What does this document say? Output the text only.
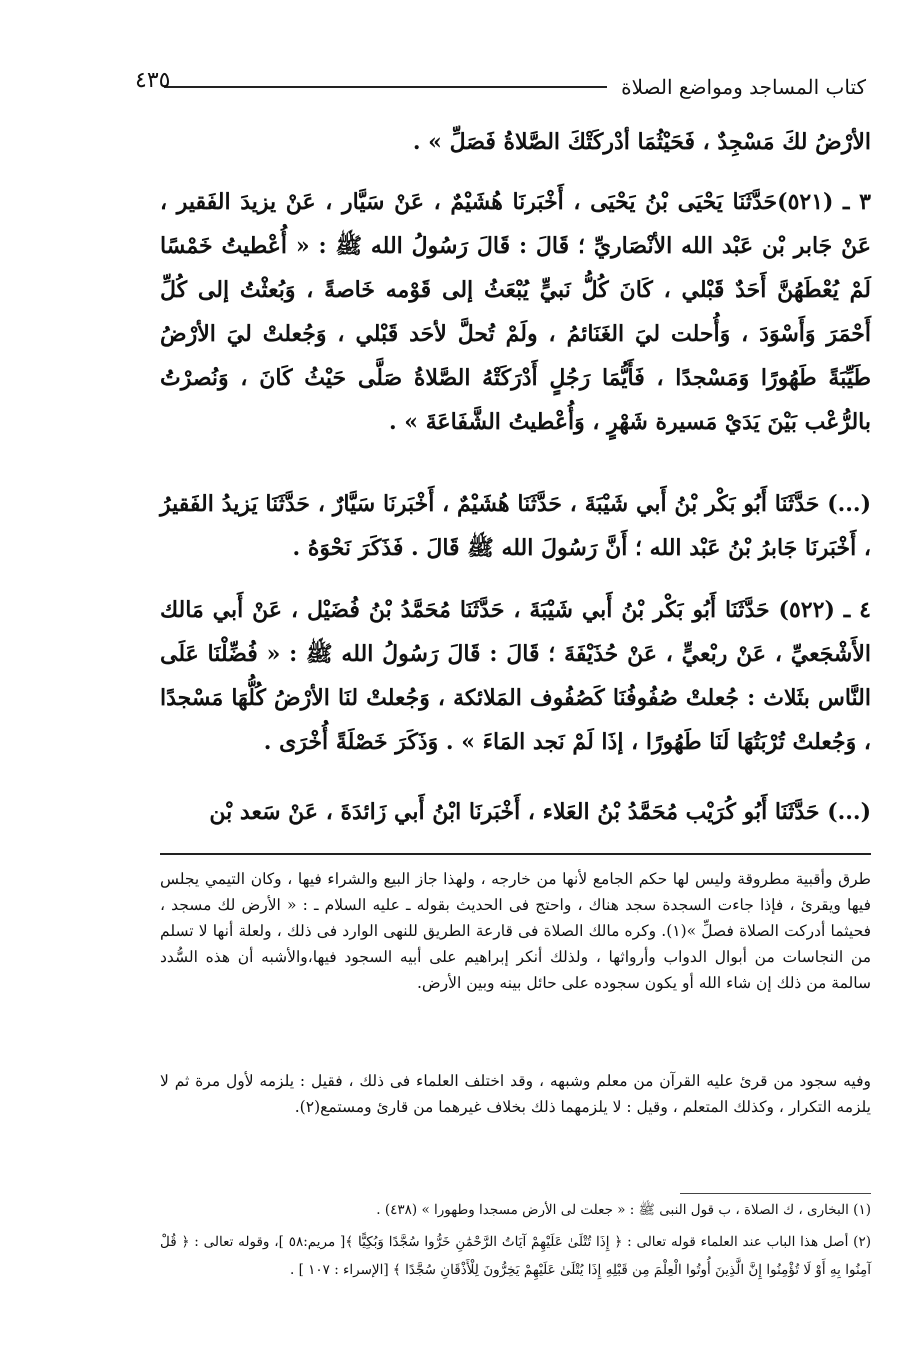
كتاب المساجد ومواضع الصلاة
٤٣٥

الأرْضُ لكَ مَسْجِدٌ ، فَحَيْثُمَا أدْركَتْكَ الصَّلاةُ فَصَلِّ » .

٣ ـ (٥٢١)حَدَّثَنَا يَحْيَى بْنُ يَحْيَى ، أَخْبَرنَا هُشَيْمٌ ، عَنْ سَيَّار ، عَنْ يزيدَ الفَقير ، عَنْ جَابر بْن عَبْد الله الأنْصَاريِّ ؛ قَالَ : قَالَ رَسُولُ الله ﷺ : « أُعْطيتُ خَمْسًا لَمْ يُعْطَهُنَّ أَحَدٌ قَبْلي ، كَانَ كُلُّ نَبيٍّ يُبْعَثُ إلى قَوْمه خَاصةً ، وَبُعثْتُ إلى كُلِّ أَحْمَرَ وَأَسْوَدَ ، وَأُحلت ليَ الغَنَائمُ ، ولَمْ تُحلَّ لأحَد قَبْلي ، وَجُعلتْ ليَ الأرْضُ طَيِّبَةً طَهُورًا وَمَسْجدًا ، فَأَيُّمَا رَجُلٍ أَدْرَكَتْهُ الصَّلاةُ صَلَّى حَيْثُ كَانَ ، وَنُصرْتُ بالرُّعْب بَيْنَ يَدَيْ مَسيرة شَهْرٍ ، وَأُعْطيتُ الشَّفَاعَةَ » .

(...) حَدَّثَنَا أَبُو بَكْر بْنُ أَبي شَيْبَةَ ، حَدَّثَنَا هُشَيْمٌ ، أَخْبَرنَا سَيَّارٌ ، حَدَّثَنَا يَزيدُ الفَقيرُ ، أَخْبَرنَا جَابرُ بْنُ عَبْد الله ؛ أَنَّ رَسُولَ الله ﷺ قَالَ . فَذَكَرَ نَحْوَهُ .

٤ ـ (٥٢٢) حَدَّثَنَا أَبُو بَكْر بْنُ أَبي شَيْبَةَ ، حَدَّثَنَا مُحَمَّدُ بْنُ فُضَيْل ، عَنْ أَبي مَالك الأَشْجَعيِّ ، عَنْ ربْعيٍّ ، عَنْ حُذَيْفَةَ ؛ قَالَ : قَالَ رَسُولُ الله ﷺ : « فُضِّلْنَا عَلَى النَّاس بثَلاث : جُعلتْ صُفُوفُنَا كَصُفُوف المَلائكة ، وَجُعلتْ لنَا الأرْضُ كُلُّهَا مَسْجدًا ، وَجُعلتْ تُرْبَتُهَا لَنَا طَهُورًا ، إذَا لَمْ نَجد المَاءَ » . وَذَكَرَ خَصْلَةً أُخْرَى .

(...) حَدَّثَنَا أَبُو كُرَيْب مُحَمَّدُ بْنُ العَلاء ، أَخْبَرنَا ابْنُ أَبي زَائدَةَ ، عَنْ سَعد بْن

طرق وأقبية مطروقة وليس لها حكم الجامع لأنها من خارجه ، ولهذا جاز البيع والشراء فيها ، وكان التيمي يجلس فيها ويقرئ ، فإذا جاءت السجدة سجد هناك ، واحتج فى الحديث بقوله ـ عليه السلام ـ : « الأرض لك مسجد ، فحيثما أدركت الصلاة فصلِّ »(١). وكره مالك الصلاة فى قارعة الطريق للنهى الوارد فى ذلك ، ولعلة أنها لا تسلم من النجاسات من أبوال الدواب وأرواثها ، ولذلك أنكر إبراهيم على أبيه السجود فيها،والأشبه أن هذه السُّدد سالمة من ذلك إن شاء الله أو يكون سجوده على حائل بينه وبين الأرض.

وفيه سجود من قرئ عليه القرآن من معلم وشبهه ، وقد اختلف العلماء فى ذلك ، فقيل : يلزمه لأول مرة ثم لا يلزمه التكرار ، وكذلك المتعلم ، وقيل : لا يلزمهما ذلك بخلاف غيرهما من قارئ ومستمع(٢).

(١) البخارى ، ك الصلاة ، ب قول النبى ﷺ : « جعلت لى الأرض مسجدا وطهورا » (٤٣٨) .

(٢) أصل هذا الباب عند العلماء قوله تعالى : ﴿ إِذَا تُتْلَىٰ عَلَيْهِمْ آيَاتُ الرَّحْمَٰنِ خَرُّوا سُجَّدًا وَبُكِيًّا ﴾[ مريم:٥٨ ]، وقوله تعالى : ﴿ قُلْ آمِنُوا بِهِ أَوْ لَا تُؤْمِنُوا إِنَّ الَّذِينَ أُوتُوا الْعِلْمَ مِن قَبْلِهِ إِذَا يُتْلَىٰ عَلَيْهِمْ يَخِرُّونَ لِلْأَذْقَانِ سُجَّدًا ﴾ [الإسراء : ١٠٧ ] .
